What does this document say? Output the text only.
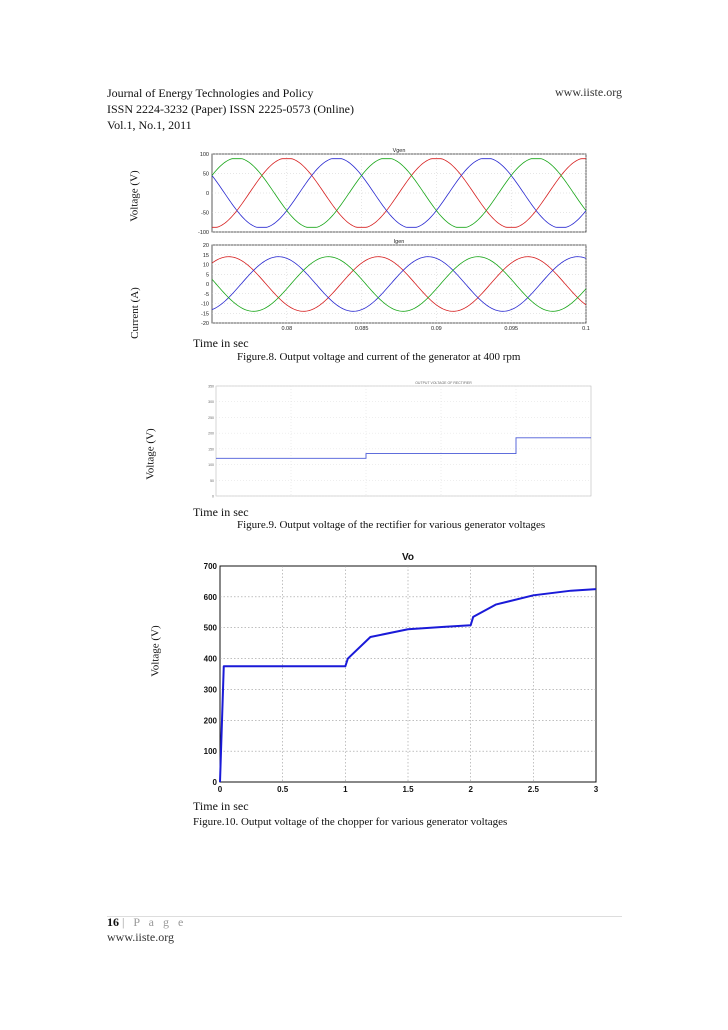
Journal of Energy Technologies and Policy
ISSN 2224-3232 (Paper) ISSN 2225-0573 (Online)
Vol.1, No.1, 2011
www.iiste.org
Voltage (V)
Current (A)
100
50
0
-50
-100
Vgen
20
15
10
5
0
-5
-10
-15
-20
0.08	0.085	0.09	0.095	0.1
Igen
Time in sec
Figure.8. Output voltage and current of the generator at 400 rpm
Voltage (V)
350
300
250
200
150
100
50
0
OUTPUT VOLTAGE OF RECTIFIER
Time in sec
Figure.9. Output voltage of the rectifier for various generator voltages
Voltage (V)
0
100
200
300
400
500
600
700
0	0.5	1	1.5	2	2.5	3
Vo
Time in sec
Figure.10. Output voltage of the chopper for various generator voltages
16 | P a g e
www.iiste.org
